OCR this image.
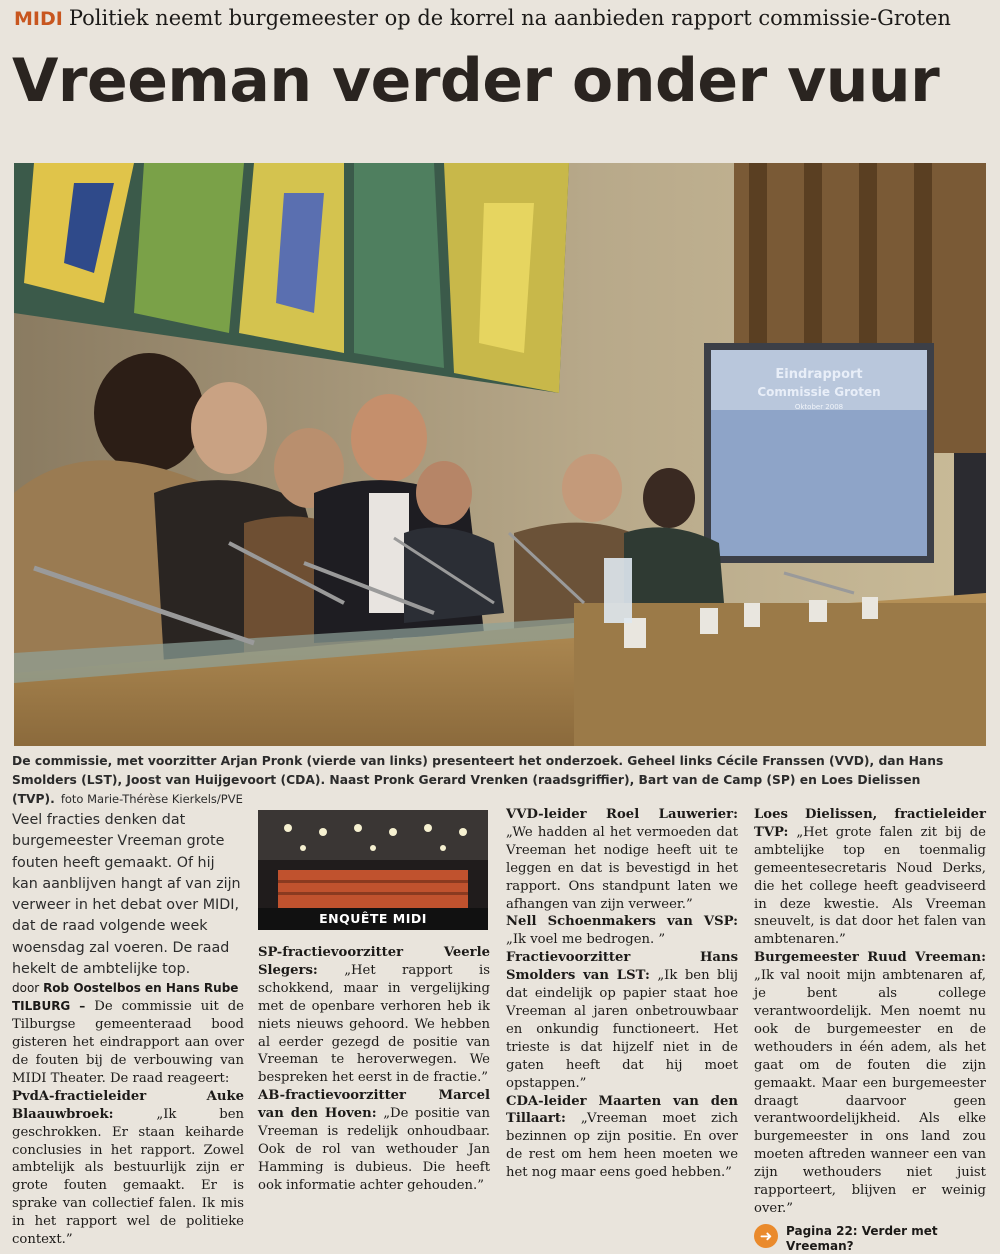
MIDI Politiek neemt burgemeester op de korrel na aanbieden rapport commissie-Groten
Vreeman verder onder vuur
Eindrapport
Commissie Groten
Oktober 2008
De commissie, met voorzitter Arjan Pronk (vierde van links) presenteert het onderzoek. Geheel links Cécile Franssen (VVD), dan Hans Smolders (LST), Joost van Huijgevoort (CDA). Naast Pronk Gerard Vrenken (raadsgriffier), Bart van de Camp (SP) en Loes Dielissen (TVP). foto Marie-Thérèse Kierkels/PVE

Veel fracties denken dat burgemeester Vreeman grote fouten heeft gemaakt. Of hij kan aanblijven hangt af van zijn verweer in het debat over MIDI, dat de raad volgende week woensdag zal voeren. De raad hekelt de ambtelijke top.

door Rob Oostelbos en Hans Rube

TILBURG – De commissie uit de Tilburgse gemeenteraad bood gisteren het eindrapport aan over de fouten bij de verbouwing van MIDI Theater. De raad reageert:

PvdA-fractieleider Auke Blaauwbroek:	„Ik ben geschrokken. Er staan keiharde conclusies in het rapport. Zowel ambtelijk als bestuurlijk zijn er grote fouten gemaakt. Er is sprake van collectief falen. Ik mis in het rapport wel de politieke context.”

ENQUÊTE MIDI

SP-fractievoorzitter Veerle Slegers: „Het rapport is schokkend, maar in vergelijking met de openbare verhoren heb ik niets nieuws gehoord. We hebben al eerder gezegd de positie van Vreeman te heroverwegen. We bespreken het eerst in de fractie.”

AB-fractievoorzitter Marcel van den Hoven: „De positie van Vreeman is redelijk onhoudbaar. Ook de rol van wethouder Jan Hamming is dubieus. Die heeft ook informatie achter gehouden.”

VVD-leider Roel Lauwerier: „We hadden al het vermoeden dat Vreeman het nodige heeft uit te leggen en dat is bevestigd in het rapport. Ons standpunt laten we afhangen van zijn verweer.”

Nell Schoenmakers van VSP: „Ik voel me bedrogen. ”

Fractievoorzitter Hans Smolders van LST: „Ik ben blij dat eindelijk op papier staat hoe Vreeman al jaren onbetrouwbaar en onkundig functioneert. Het trieste is dat hijzelf niet in de gaten heeft dat hij moet opstappen.”

CDA-leider Maarten van den Tillaart: „Vreeman moet zich bezinnen op zijn positie. En over de rest om hem heen moeten we het nog maar eens goed hebben.”

Loes Dielissen, fractieleider TVP: „Het grote falen zit bij de ambtelijke top en toenmalig gemeentesecretaris Noud Derks, die het college heeft geadviseerd in deze kwestie. Als Vreeman sneuvelt, is dat door het falen van ambtenaren.”

Burgemeester Ruud Vreeman: „Ik val nooit mijn ambtenaren af, je bent als college verantwoordelijk. Men noemt nu ook de burgemeester en de wethouders in één adem, als het gaat om de fouten die zijn gemaakt. Maar een burgemeester draagt daarvoor geen verantwoordelijkheid. Als elke burgemeester in ons land zou moeten aftreden wanneer een van zijn wethouders niet juist rapporteert, blijven er weinig over.”

➜	Pagina 22: Verder met Vreeman?
